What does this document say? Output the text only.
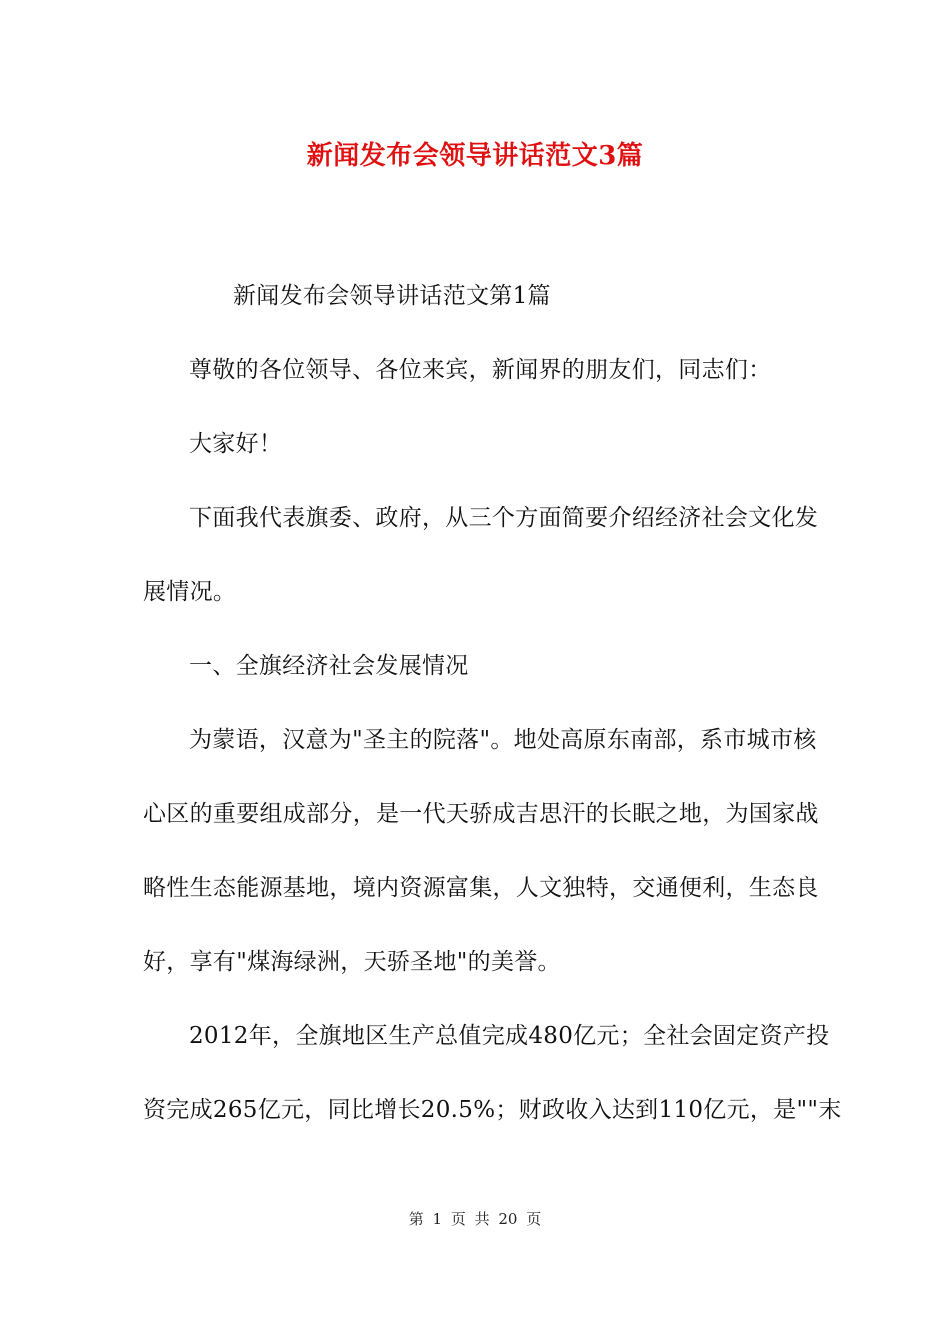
新闻发布会领导讲话范文3篇
新闻发布会领导讲话范文第1篇
尊敬的各位领导、各位来宾，新闻界的朋友们，同志们：
大家好！
下面我代表旗委、政府，从三个方面简要介绍经济社会文化发
展情况。
一、全旗经济社会发展情况
为蒙语，汉意为"圣主的院落"。地处高原东南部，系市城市核
心区的重要组成部分，是一代天骄成吉思汗的长眠之地，为国家战
略性生态能源基地，境内资源富集，人文独特，交通便利，生态良
好，享有"煤海绿洲，天骄圣地"的美誉。
2012年，全旗地区生产总值完成480亿元；全社会固定资产投
资完成265亿元，同比增长20.5%；财政收入达到110亿元，是""末
第 1 页 共 20 页
